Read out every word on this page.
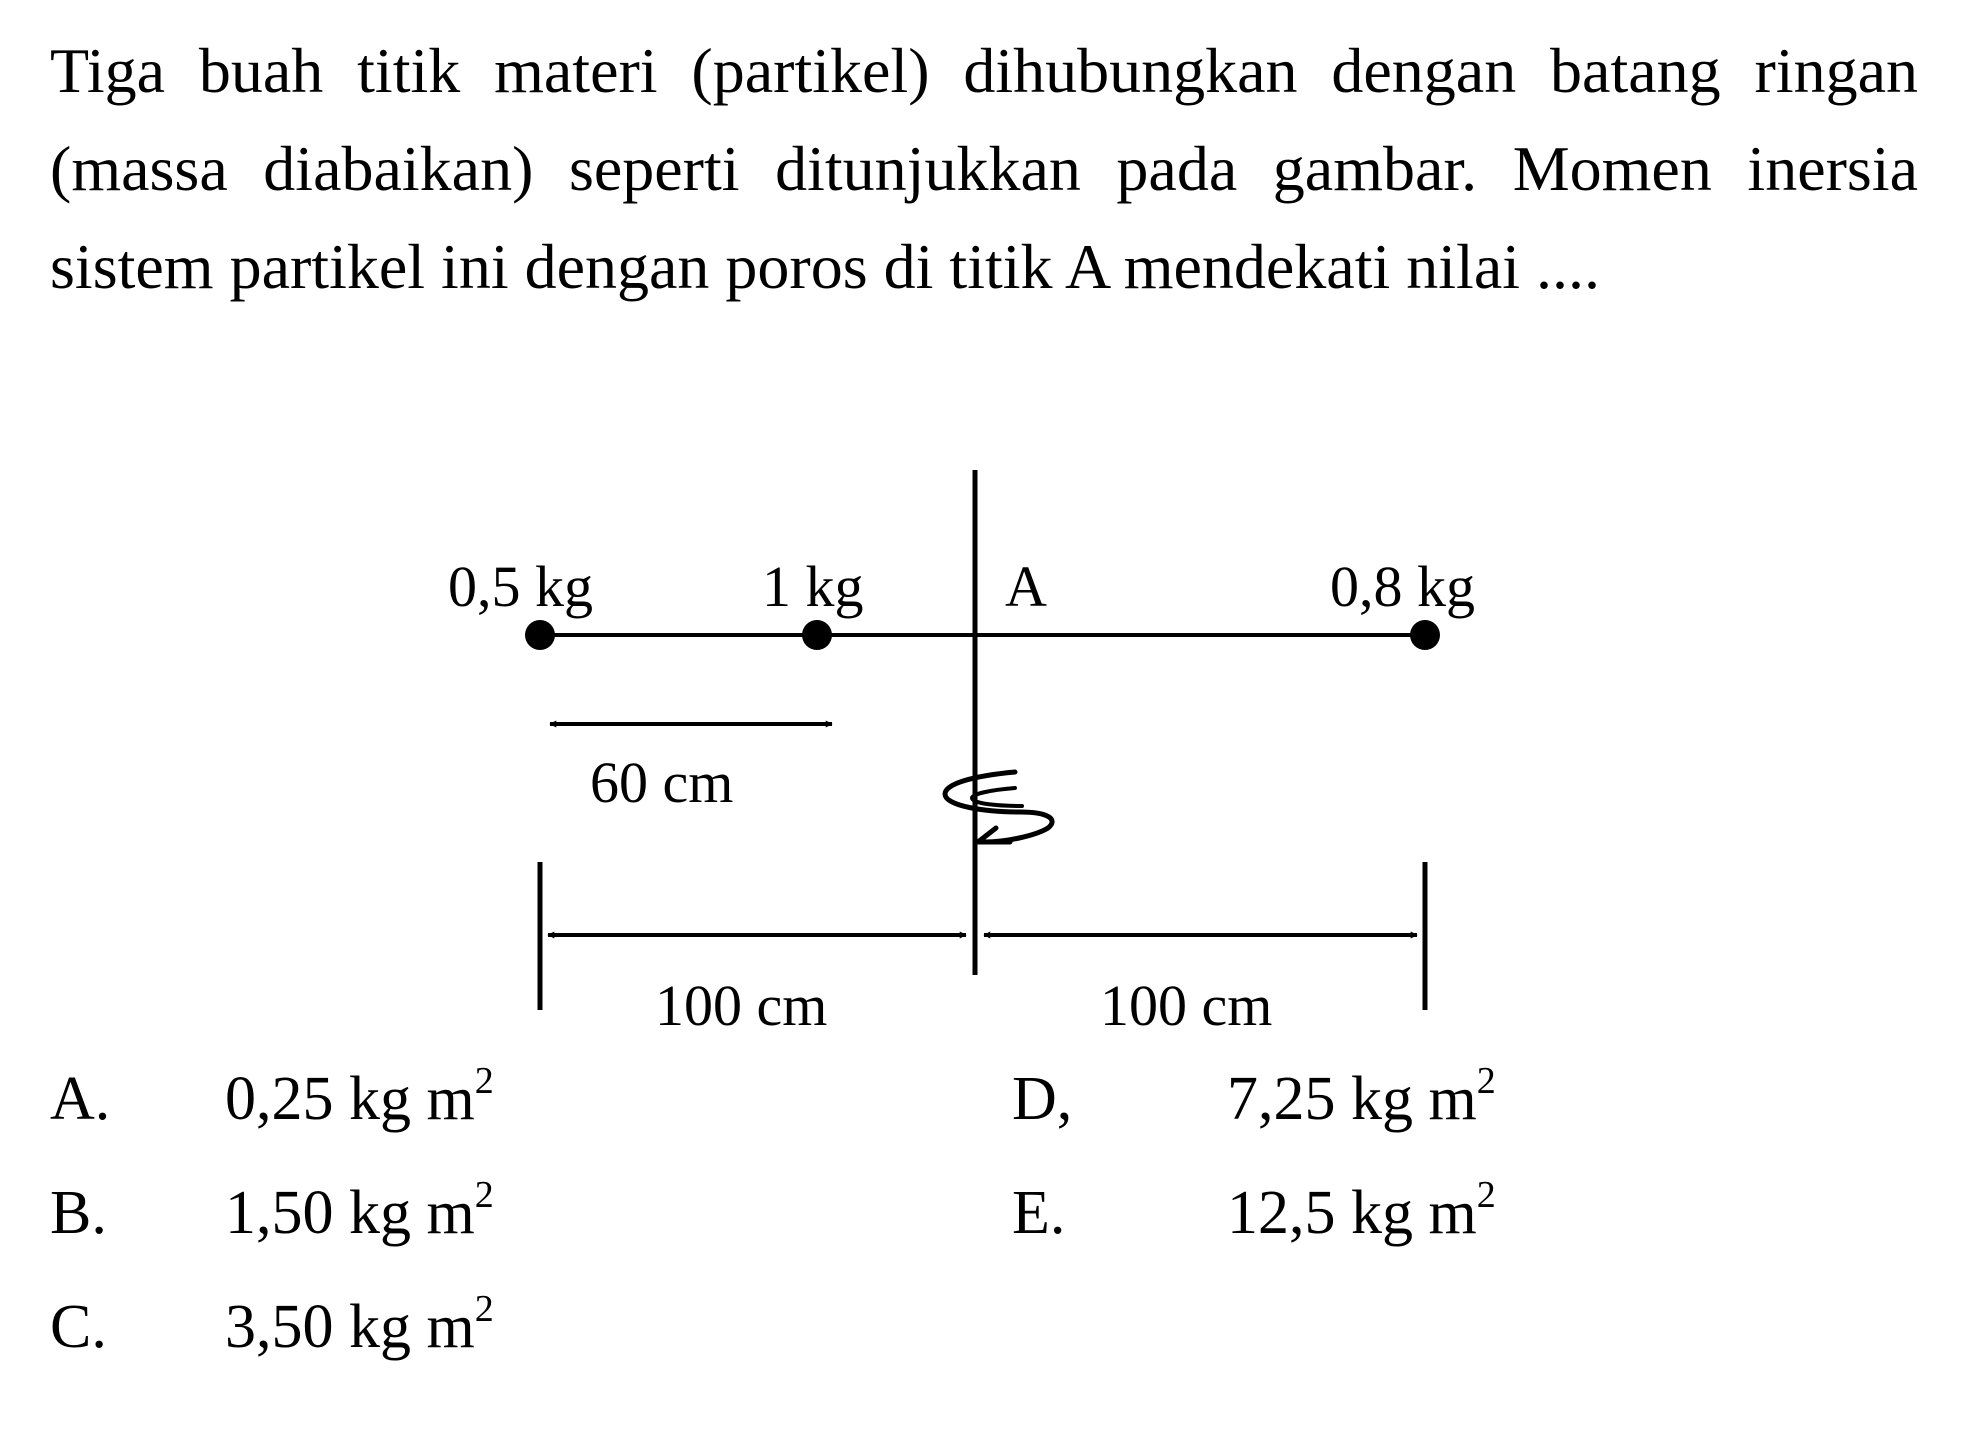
Tiga buah titik materi (partikel) dihubungkan dengan batang ringan (massa diabaikan) seperti ditunjukkan pada gambar. Momen inersia sistem partikel ini dengan poros di titik A mendekati nilai ....
0,5 kg	1 kg A	0,8 kg
60 cm
100 cm	100 cm
A. 0,25 kg $m^2$
B. 1,50 kg $m^2$
C. 3,50 kg $m^2$
D, 7,25 kg $m^2$
E.	12,5 kg $m^2$
